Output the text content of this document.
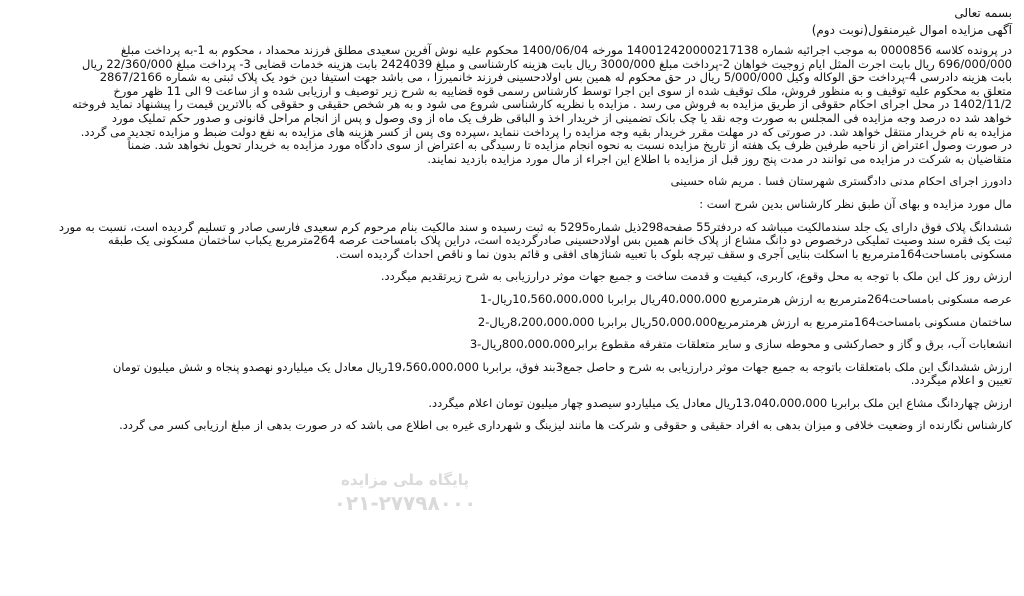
بسمه تعالی

آگهی مزایده اموال غیرمنقول(نوبت دوم)

در پرونده کلاسه 0000856 به موجب اجرائیه شماره 140012420000217138 مورخه 1400/06/04 محکوم علیه نوش آفرین سعیدی مطلق فرزند محمداد ، محکوم به 1-به پرداخت مبلغ

696/000/000 ریال بابت اجرت المثل ایام زوجیت خواهان 2-پرداخت مبلغ 3000/000 ریال بابت هزینه کارشناسی و مبلغ 2424039 بابت هزینه خدمات قضایی 3- پرداخت مبلغ 22/360/000 ریال

بابت هزینه دادرسی 4-پرداخت حق الوکاله وکیل 5/000/000 ریال در حق محکوم له همین بس اولادحسینی فرزند خانمیرزا ، می باشد جهت استیفا دین خود یک پلاک ثبتی به شماره 2867/2166

متعلق به محکوم علیه توقیف و به منظور فروش، ملک توقیف شده از سوی این اجرا توسط کارشناس رسمی قوه قضاییه به شرح زیر توصیف و ارزیابی شده و از ساعت 9 الی 11 ظهر مورخ

1402/11/2 در محل اجرای احکام حقوقی از طریق مزایده به فروش می رسد . مزایده با نظریه کارشناسی شروع می شود و به هر شخص حقیقی و حقوقی که بالاترین قیمت را پیشنهاد نماید فروخته

خواهد شد ده درصد وجه مزایده فی المجلس به صورت وجه نقد یا چک بانک تضمینی از خریدار اخذ و الباقی ظرف یک ماه از وی وصول و پس از انجام مراحل قانونی و صدور حکم تملیک مورد

مزایده به نام خریدار منتقل خواهد شد. در صورتی که در مهلت مقرر خریدار بقیه وجه مزایده را پرداخت ننماید ،سپرده وی پس از کسر هزینه های مزایده به نفع دولت ضبط و مزایده تجدید می گردد.

در صورت وصول اعتراض از ناحیه طرفین ظرف یک هفته از تاریخ مزایده نسبت به نحوه انجام مزایده تا رسیدگی به اعتراض از سوی دادگاه مورد مزایده به خریدار تحویل نخواهد شد. ضمناً

متقاضیان به شرکت در مزایده می توانند در مدت پنج روز قبل از مزایده با اطلاع این اجراء از مال مورد مزایده بازدید نمایند.

دادورز اجرای احکام مدنی دادگستری شهرستان فسا . مریم شاه حسینی

مال مورد مزایده و بهای آن طبق نظر کارشناس بدین شرح است :

ششدانگ پلاک فوق دارای یک جلد سندمالکیت میباشد که دردفتر55 صفحه298ذیل شماره5295 به ثبت رسیده و سند مالکیت بنام مرحوم کرم سعیدی فارسی صادر و تسلیم گردیده است، نسبت به مورد

ثبت یک فقره سند وصیت تملیکی درخصوص دو دانگ مشاع از پلاک خانم همین بس اولادحسینی صادرگردیده است، دراین پلاک بامساحت عرصه 264مترمربع یکباب ساختمان مسکونی یک طبقه

مسکونی بامساحت164مترمربع با اسکلت بنایی آجری و سقف تیرچه بلوک با تعبیه شناژهای افقی و قائم بدون نما و ناقص احداث گردیده است.

ارزش روز کل این ملک با توجه به محل وقوع، کاربری، کیفیت و قدمت ساخت و جمیع جهات موثر درارزیابی به شرح زیرتقدیم میگردد.

عرصه مسکونی بامساحت264مترمربع به ارزش هرمترمربع 40،000،000ریال برابربا 10،560،000،000ریال-1

ساختمان مسکونی بامساحت164مترمربع به ارزش هرمترمربع50،000،000ریال برابربا 8،200،000،000ریال-2

انشعابات آب، برق و گاز و حصارکشی و محوطه سازی و سایر متعلقات متفرقه مقطوع برابر800،000،000ریال-3

ارزش ششدانگ این ملک بامتعلقات باتوجه به جمیع جهات موثر درارزیابی به شرح و حاصل جمع3بند فوق، برابربا 19،560،000،000ریال معادل یک میلیاردو نهصدو پنجاه و شش میلیون تومان

تعیین و اعلام میگردد.

ارزش چهاردانگ مشاع این ملک برابربا 13،040،000،000ریال معادل یک میلیاردو سیصدو چهار میلیون تومان اعلام میگردد.

کارشناس نگارنده از وضعیت خلافی و میزان بدهی به افراد حقیقی و حقوقی و شرکت ها مانند لیزینگ و شهرداری غیره بی اطلاع می باشد که در صورت بدهی از مبلغ ارزیابی کسر می گردد.

پایگاه ملی مزایده
۰۲۱-۲۷۷۹۸۰۰۰
